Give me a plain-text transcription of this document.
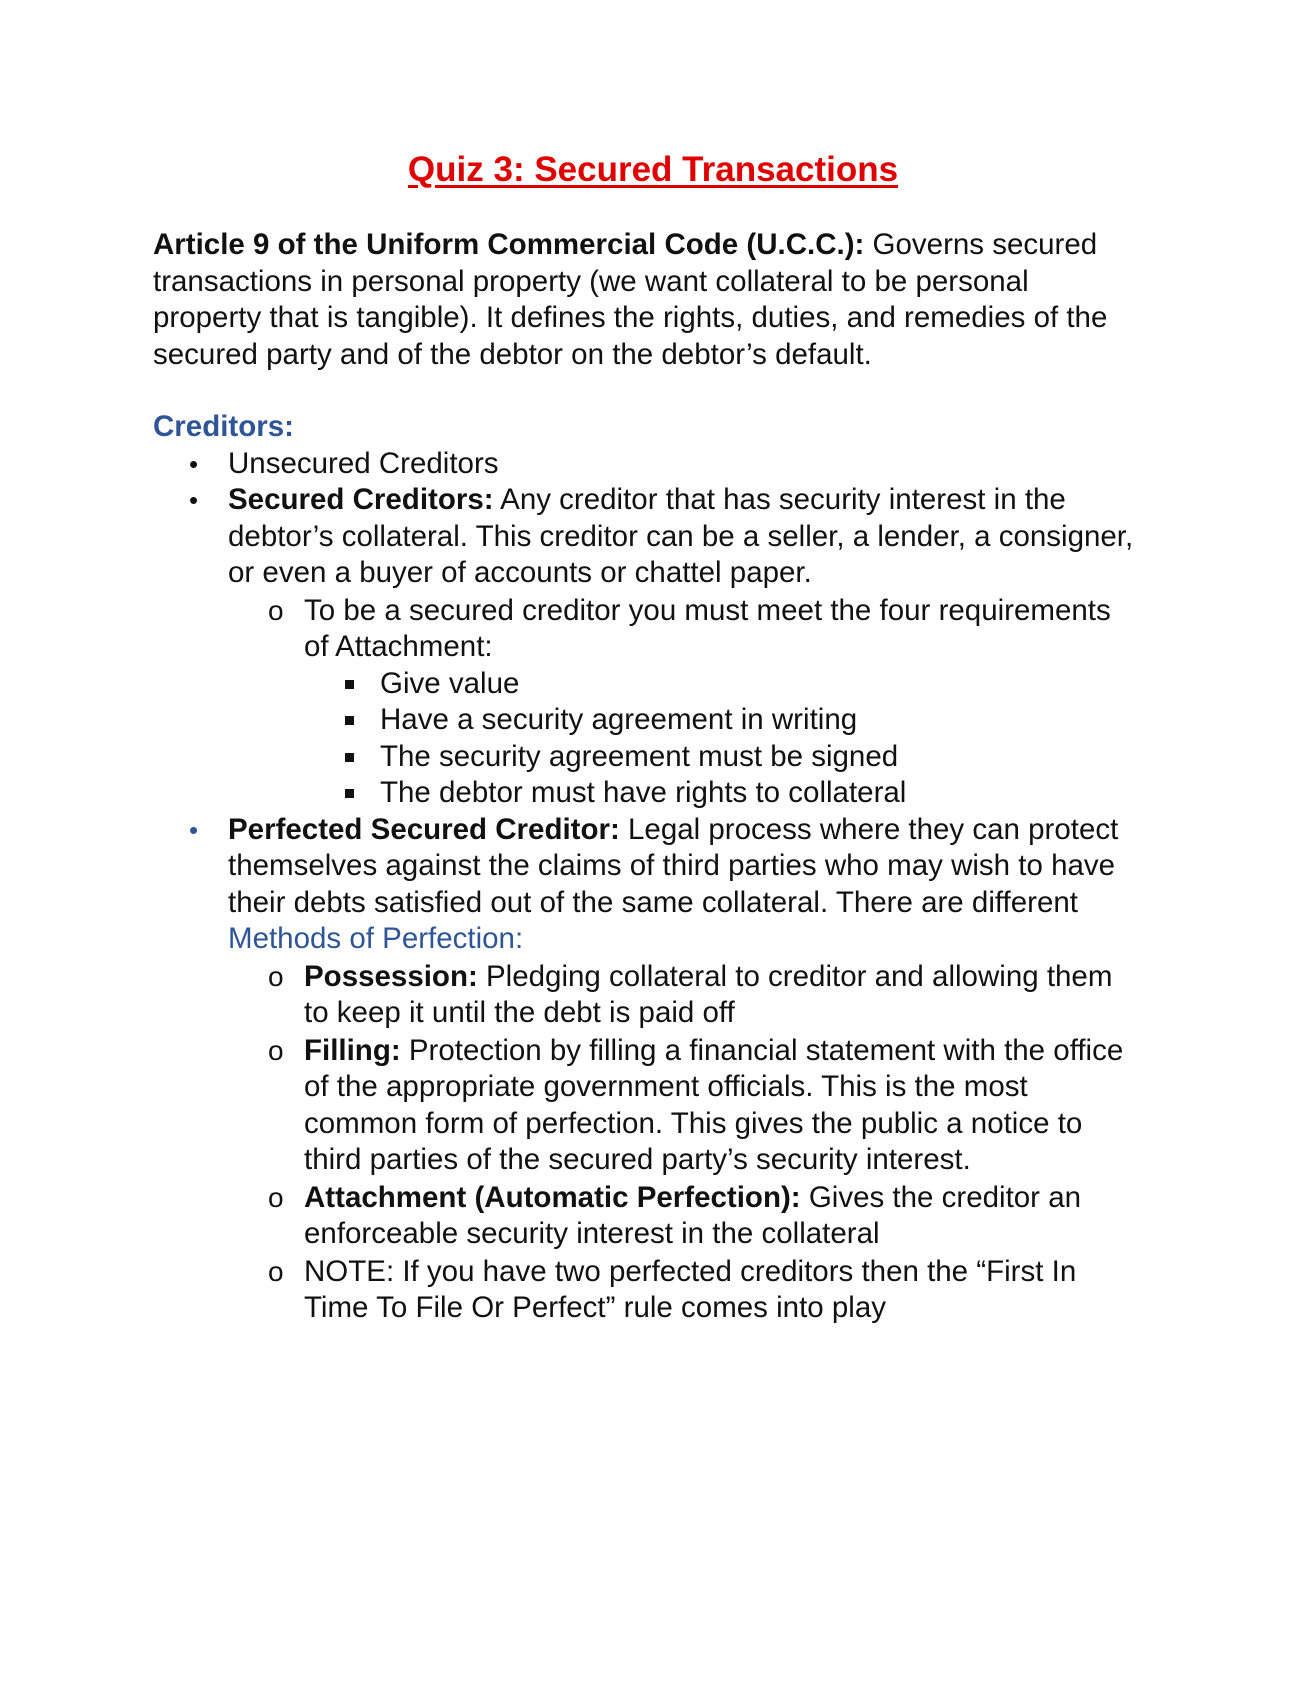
Quiz 3: Secured Transactions

Article 9 of the Uniform Commercial Code (U.C.C.): Governs secured transactions in personal property (we want collateral to be personal property that is tangible). It defines the rights, duties, and remedies of the secured party and of the debtor on the debtor’s default.

Creditors:

• Unsecured Creditors
• Secured Creditors: Any creditor that has security interest in the debtor’s collateral. This creditor can be a seller, a lender, a consigner, or even a buyer of accounts or chattel paper.
o To be a secured creditor you must meet the four requirements of Attachment:
Give value
Have a security agreement in writing
The security agreement must be signed
The debtor must have rights to collateral
• Perfected Secured Creditor: Legal process where they can protect themselves against the claims of third parties who may wish to have their debts satisfied out of the same collateral. There are different Methods of Perfection:
o Possession: Pledging collateral to creditor and allowing them to keep it until the debt is paid off
o Filling: Protection by filling a financial statement with the office of the appropriate government officials. This is the most common form of perfection. This gives the public a notice to third parties of the secured party’s security interest.
o Attachment (Automatic Perfection): Gives the creditor an enforceable security interest in the collateral
o NOTE: If you have two perfected creditors then the “First In Time To File Or Perfect” rule comes into play
